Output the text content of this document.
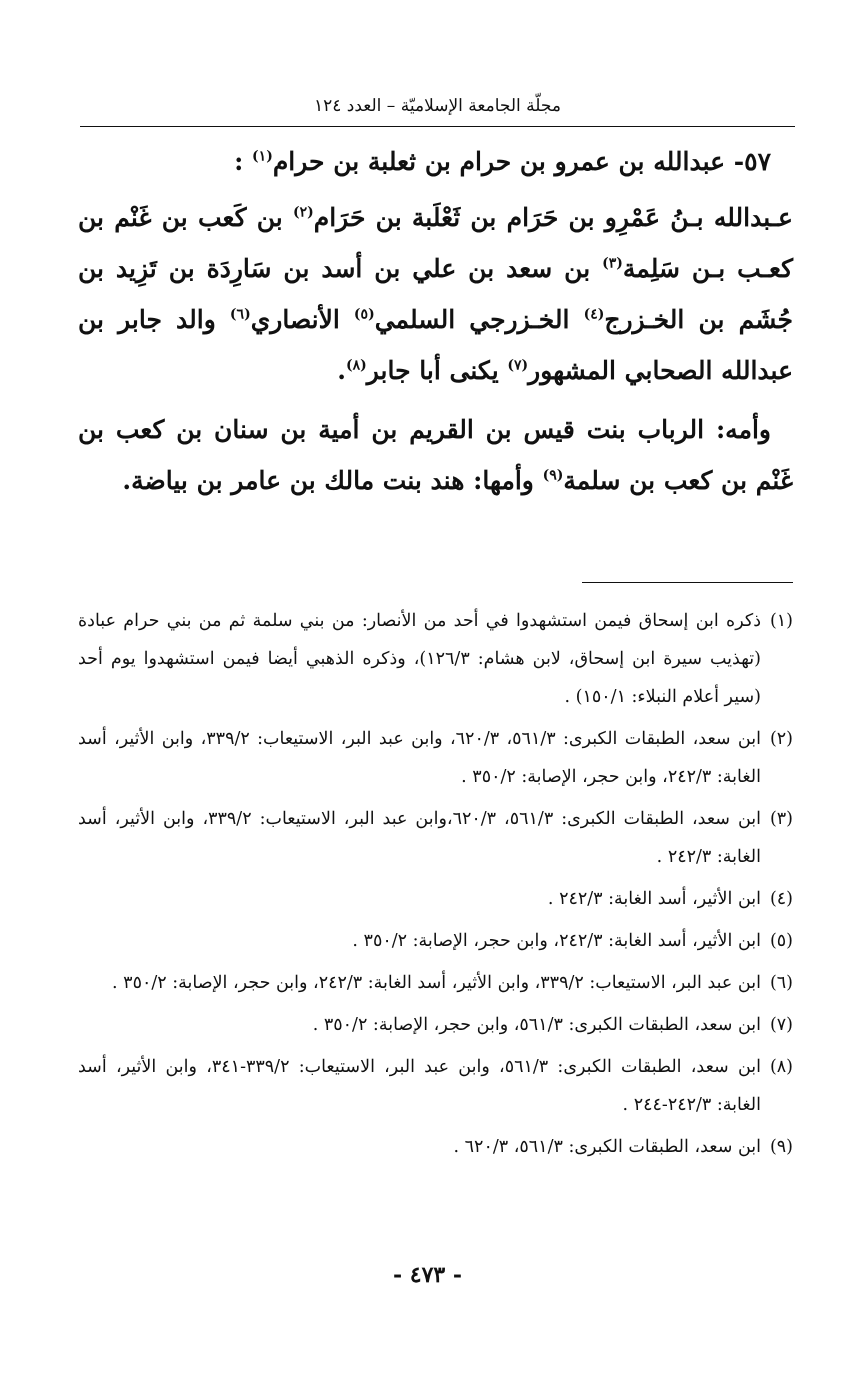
مجلّة الجامعة الإسلاميّة – العدد ١٢٤

٥٧- عبدالله بن عمرو بن حرام بن ثعلبة بن حرام$^{(١)}$ :

عـبدالله بـنُ عَمْرِو بن حَرَام بن ثَعْلَبة بن حَرَام$^{(٢)}$ بن كَعب بن غَنْم بن كعـب بـن سَلِمة$^{(٣)}$ بن سعد بن علي بن أسد بن سَارِدَة بن تَزِيد بن جُشَم بن الخـزرج$^{(٤)}$ الخـزرجي السلمي$^{(٥)}$ الأنصاري$^{(٦)}$ والد جابر بن عبدالله الصحابي المشهور$^{(٧)}$ يكنى أبا جابر$^{(٨)}$.

وأمه: الرباب بنت قيس بن القريم بن أمية بن سنان بن كعب بن غَنْم بن كعب بن سلمة$^{(٩)}$ وأمها: هند بنت مالك بن عامر بن بياضة.

(١)
ذكره ابن إسحاق فيمن استشهدوا في أحد من الأنصار: من بني سلمة ثم من بني حرام عبادة (تهذيب سيرة ابن إسحاق، لابن هشام: ١٢٦/٣)، وذكره الذهبي أيضا فيمن استشهدوا يوم أحد (سير أعلام النبلاء: ١٥٠/١) .
(٢)
ابن سعد، الطبقات الكبرى: ٥٦١/٣، ٦٢٠/٣، وابن عبد البر، الاستيعاب: ٣٣٩/٢، وابن الأثير، أسد الغابة: ٢٤٢/٣، وابن حجر، الإصابة: ٣٥٠/٢ .
(٣)
ابن سعد، الطبقات الكبرى: ٥٦١/٣، ٦٢٠/٣،وابن عبد البر، الاستيعاب: ٣٣٩/٢، وابن الأثير، أسد الغابة: ٢٤٢/٣ .
(٤)
ابن الأثير، أسد الغابة: ٢٤٢/٣ .
(٥)
ابن الأثير، أسد الغابة: ٢٤٢/٣، وابن حجر، الإصابة: ٣٥٠/٢ .
(٦)
ابن عبد البر، الاستيعاب: ٣٣٩/٢، وابن الأثير، أسد الغابة: ٢٤٢/٣، وابن حجر، الإصابة: ٣٥٠/٢ .
(٧)
ابن سعد، الطبقات الكبرى: ٥٦١/٣، وابن حجر، الإصابة: ٣٥٠/٢ .
(٨)
ابن سعد، الطبقات الكبرى: ٥٦١/٣، وابن عبد البر، الاستيعاب: ٣٣٩/٢-٣٤١، وابن الأثير، أسد الغابة: ٢٤٢/٣-٢٤٤ .
(٩)
ابن سعد، الطبقات الكبرى: ٥٦١/٣، ٦٢٠/٣ .
- ٤٧٣ -
